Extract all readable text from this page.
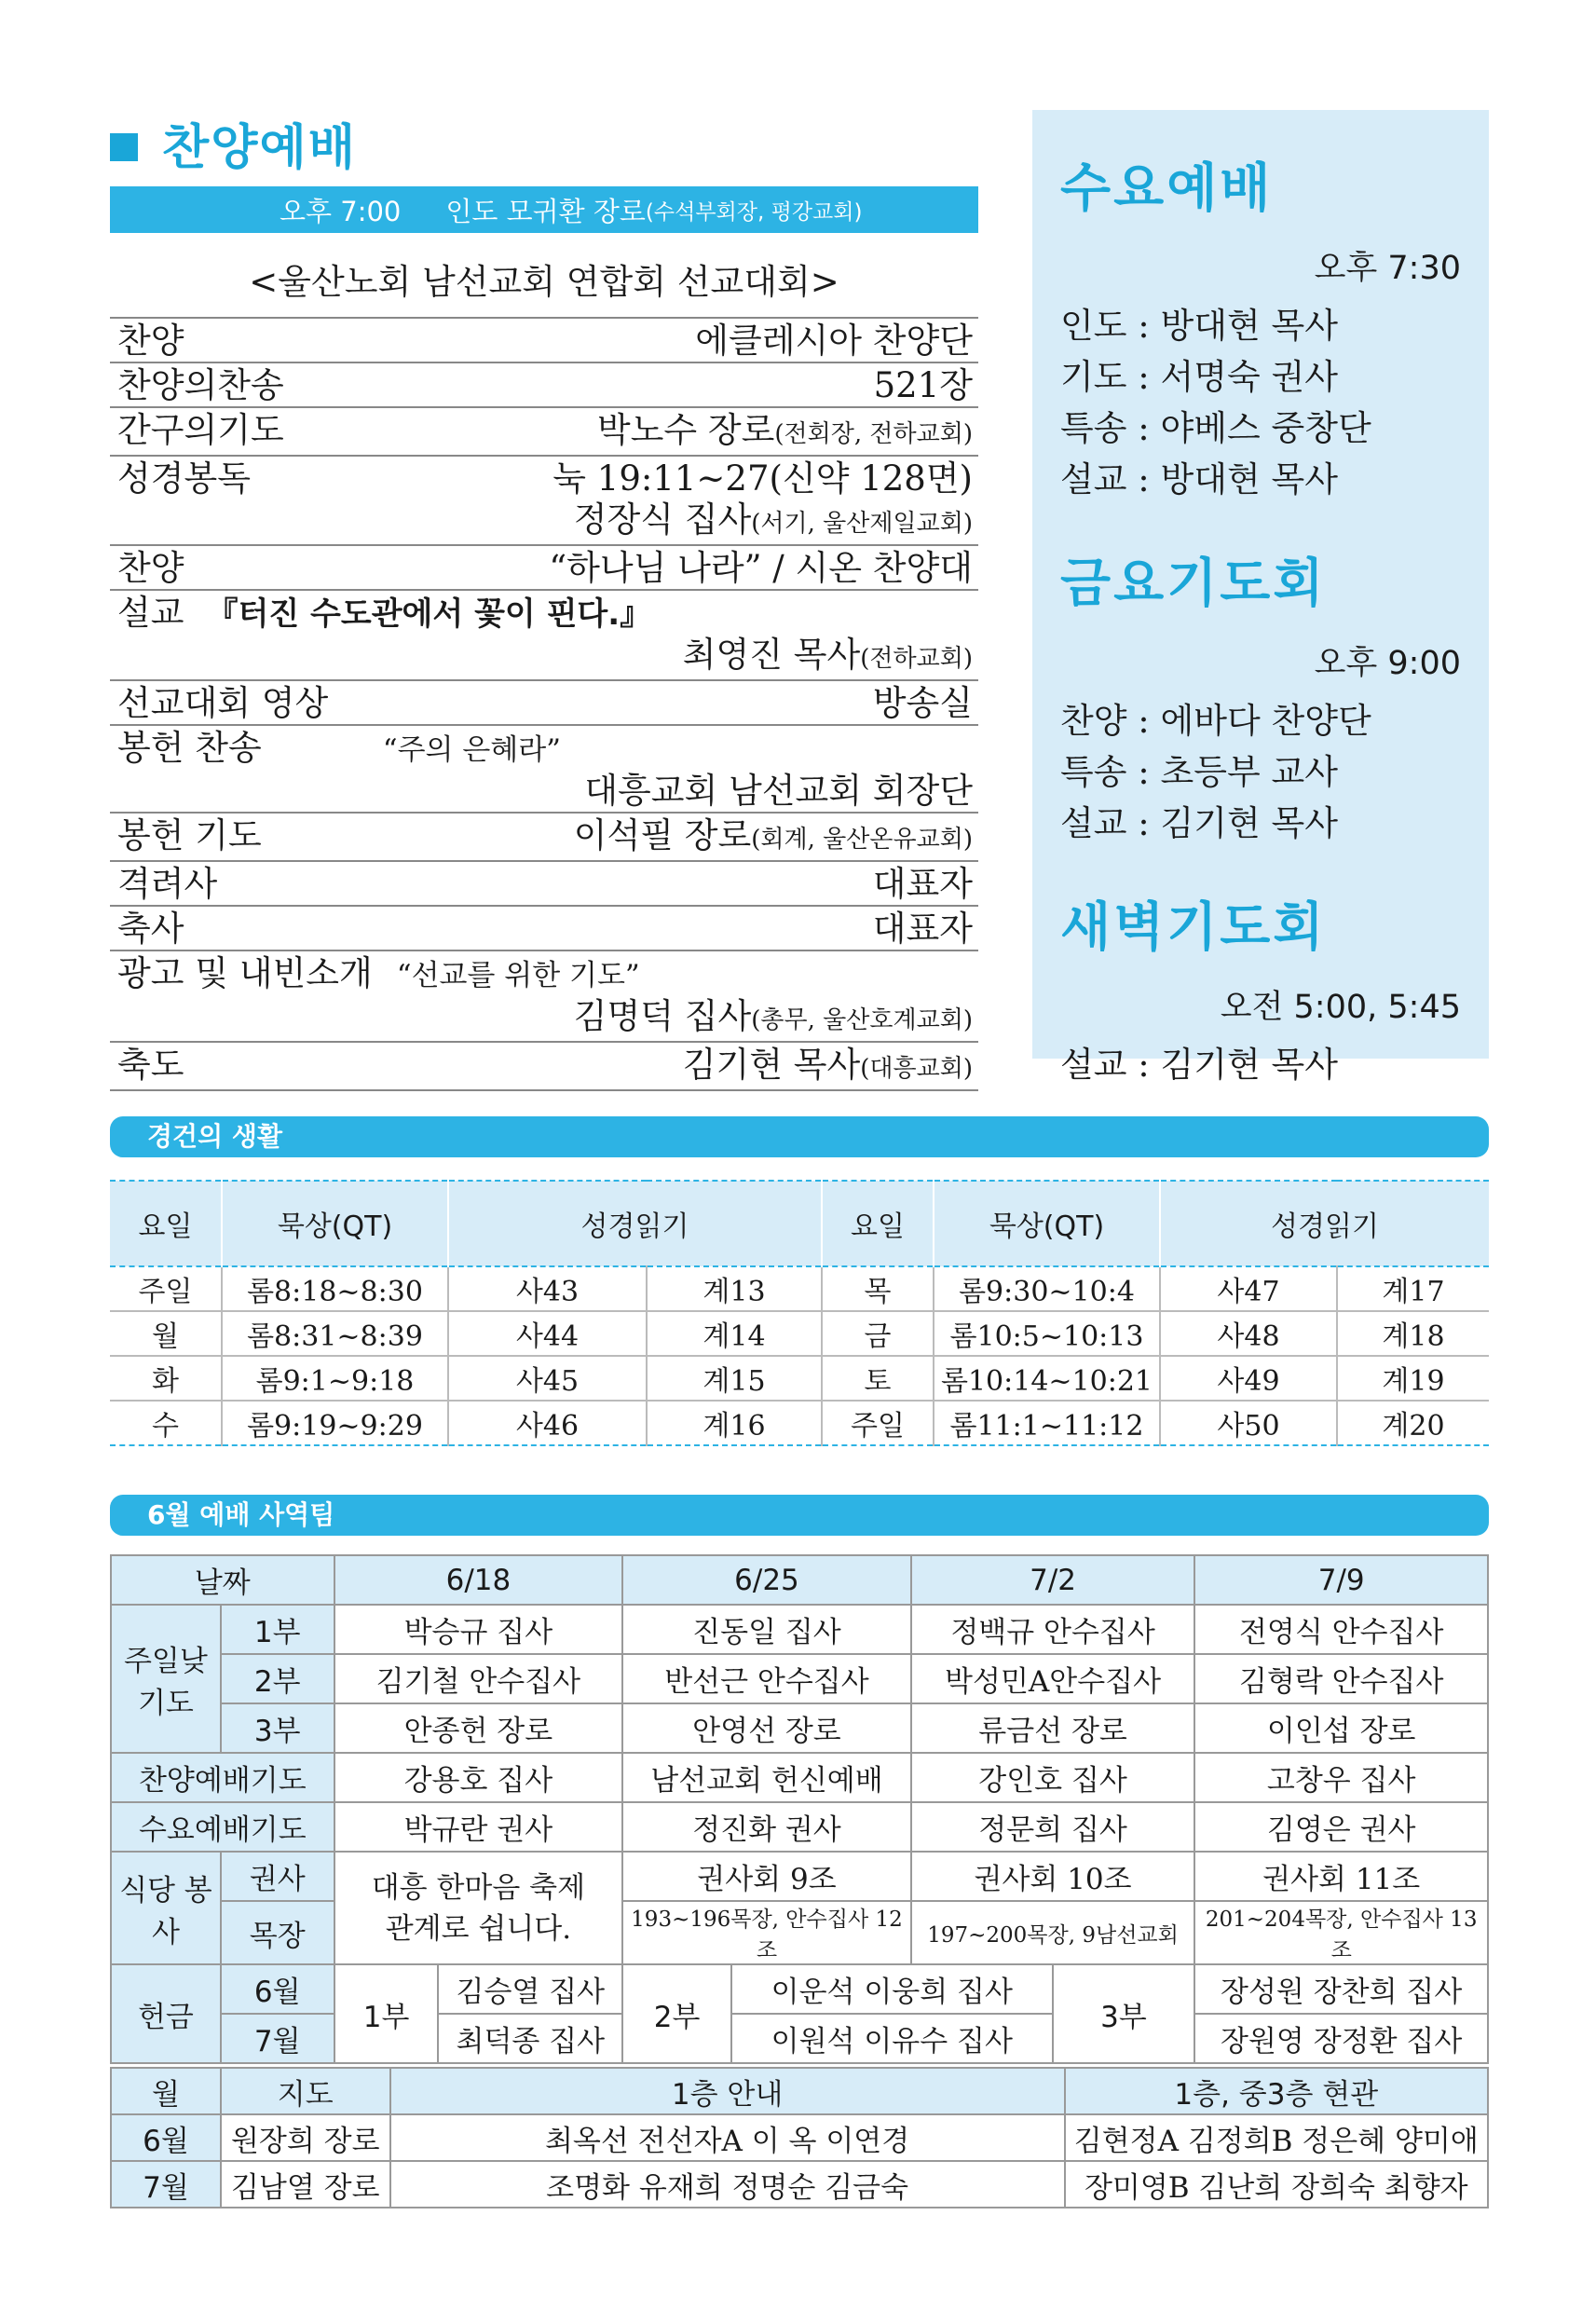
찬양예배
오후 7:00 인도 모귀환 장로 (수석부회장, 평강교회)
<울산노회 남선교회 연합회 선교대회>
찬양	에클레시아 찬양단
찬양의찬송	521장
간구의기도	박노수 장로(전회장, 전하교회)
성경봉독	눅 19:11~27(신약 128면)
정장식 집사 (서기, 울산제일교회)
찬양	“하나님 나라” / 시온 찬양대
설교 『터진 수도관에서 꽃이 핀다.』
최영진 목사 (전하교회)
선교대회 영상	방송실
봉헌 찬송	“주의 은혜라”
대흥교회 남선교회 회장단
봉헌 기도	이석필 장로(회계, 울산온유교회)
격려사	대표자
축사	대표자
광고 및 내빈소개 “선교를 위한 기도”
김명덕 집사 (총무, 울산호계교회)
축도	김기현 목사(대흥교회)
수요예배
오후 7:30
인도 : 방대현 목사
기도 : 서명숙 권사
특송 : 야베스 중창단
설교 : 방대현 목사
금요기도회
오후 9:00
찬양 : 에바다 찬양단
특송 : 초등부 교사
설교 : 김기현 목사
새벽기도회
오전 5:00, 5:45
설교 : 김기현 목사
경건의 생활
요일	묵상(QT)	성경읽기		요일	묵상(QT)	성경읽기	
주일	롬8:18~8:30	사43	계13	목	롬9:30~10:4	사47	계17
월	롬8:31~8:39	사44	계14	금	롬10:5~10:13	사48	계18
화	롬9:1~9:18	사45	계15	토	롬10:14~10:21	사49	계19
수	롬9:19~9:29	사46	계16	주일	롬11:1~11:12	사50	계20
6월 예배 사역팀
날짜		6/18		6/25		7/2		7/9
주일낮 기도	1부	박승규 집사		진동일 집사		정백규 안수집사		전영식 안수집사
	2부	김기철 안수집사		반선근 안수집사		박성민A안수집사		김형락 안수집사
	3부	안종헌 장로		안영선 장로		류금선 장로		이인섭 장로
찬양예배기도		강용호 집사		남선교회 헌신예배		강인호 집사		고창우 집사
수요예배기도		박규란 권사		정진화 권사		정문희 집사		김영은 권사
식당 봉사	권사	대흥 한마음 축제 관계로 쉽니다.		권사회 9조		권사회 10조		권사회 11조
	목장			193~196목장, 안수집사 12조		197~200목장, 9남선교회		201~204목장, 안수집사 13조
헌금	6월	1부	김승열 집사	2부	이운석 이웅희 집사		3부	장성원 장찬희 집사
	7월		최덕종 집사		이원석 이유수 집사			장원영 장정환 집사
월	지도	1층 안내	1층, 중3층 현관
6월	원장희 장로	최옥선 전선자A 이 옥 이연경	김현정A 김정희B 정은혜 양미애
7월	김남열 장로	조명화 유재희 정명순 김금숙	장미영B 김난희 장희숙 최향자
